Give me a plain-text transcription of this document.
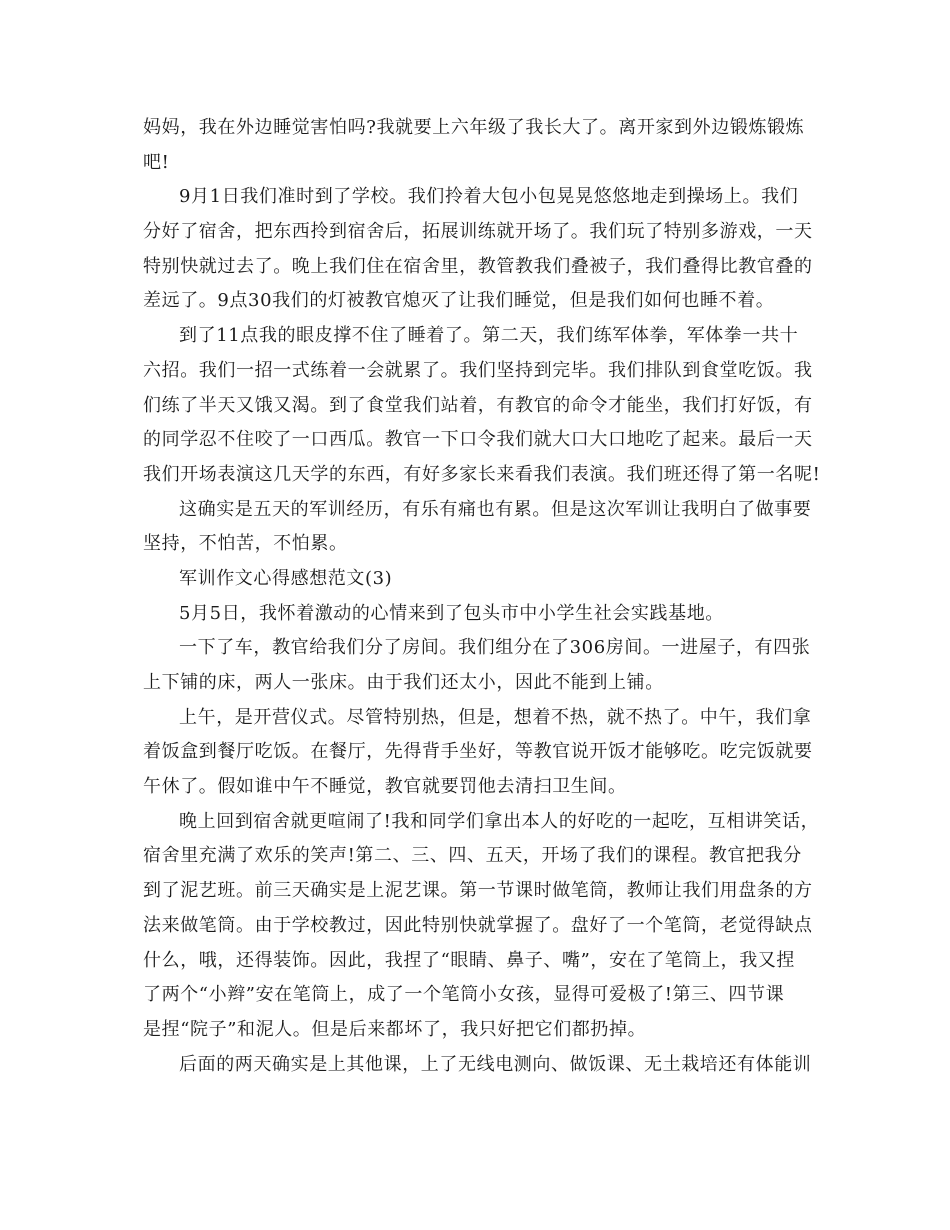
妈妈，我在外边睡觉害怕吗?我就要上六年级了我长大了。离开家到外边锻炼锻炼
吧!
9月1日我们准时到了学校。我们拎着大包小包晃晃悠悠地走到操场上。我们
分好了宿舍，把东西拎到宿舍后，拓展训练就开场了。我们玩了特别多游戏，一天
特别快就过去了。晚上我们住在宿舍里，教管教我们叠被子，我们叠得比教官叠的
差远了。9点30我们的灯被教官熄灭了让我们睡觉，但是我们如何也睡不着。
到了11点我的眼皮撑不住了睡着了。第二天，我们练军体拳，军体拳一共十
六招。我们一招一式练着一会就累了。我们坚持到完毕。我们排队到食堂吃饭。我
们练了半天又饿又渴。到了食堂我们站着，有教官的命令才能坐，我们打好饭，有
的同学忍不住咬了一口西瓜。教官一下口令我们就大口大口地吃了起来。最后一天
我们开场表演这几天学的东西，有好多家长来看我们表演。我们班还得了第一名呢!
这确实是五天的军训经历，有乐有痛也有累。但是这次军训让我明白了做事要
坚持，不怕苦，不怕累。
军训作文心得感想范文(3)
5月5日，我怀着激动的心情来到了包头市中小学生社会实践基地。
一下了车，教官给我们分了房间。我们组分在了306房间。一进屋子，有四张
上下铺的床，两人一张床。由于我们还太小，因此不能到上铺。
上午，是开营仪式。尽管特别热，但是，想着不热，就不热了。中午，我们拿
着饭盒到餐厅吃饭。在餐厅，先得背手坐好，等教官说开饭才能够吃。吃完饭就要
午休了。假如谁中午不睡觉，教官就要罚他去清扫卫生间。
晚上回到宿舍就更喧闹了!我和同学们拿出本人的好吃的一起吃，互相讲笑话，
宿舍里充满了欢乐的笑声!第二、三、四、五天，开场了我们的课程。教官把我分
到了泥艺班。前三天确实是上泥艺课。第一节课时做笔筒，教师让我们用盘条的方
法来做笔筒。由于学校教过，因此特别快就掌握了。盘好了一个笔筒，老觉得缺点
什么，哦，还得装饰。因此，我捏了“眼睛、鼻子、嘴”，安在了笔筒上，我又捏
了两个“小辫”安在笔筒上，成了一个笔筒小女孩，显得可爱极了!第三、四节课
是捏“院子”和泥人。但是后来都坏了，我只好把它们都扔掉。
后面的两天确实是上其他课，上了无线电测向、做饭课、无土栽培还有体能训
